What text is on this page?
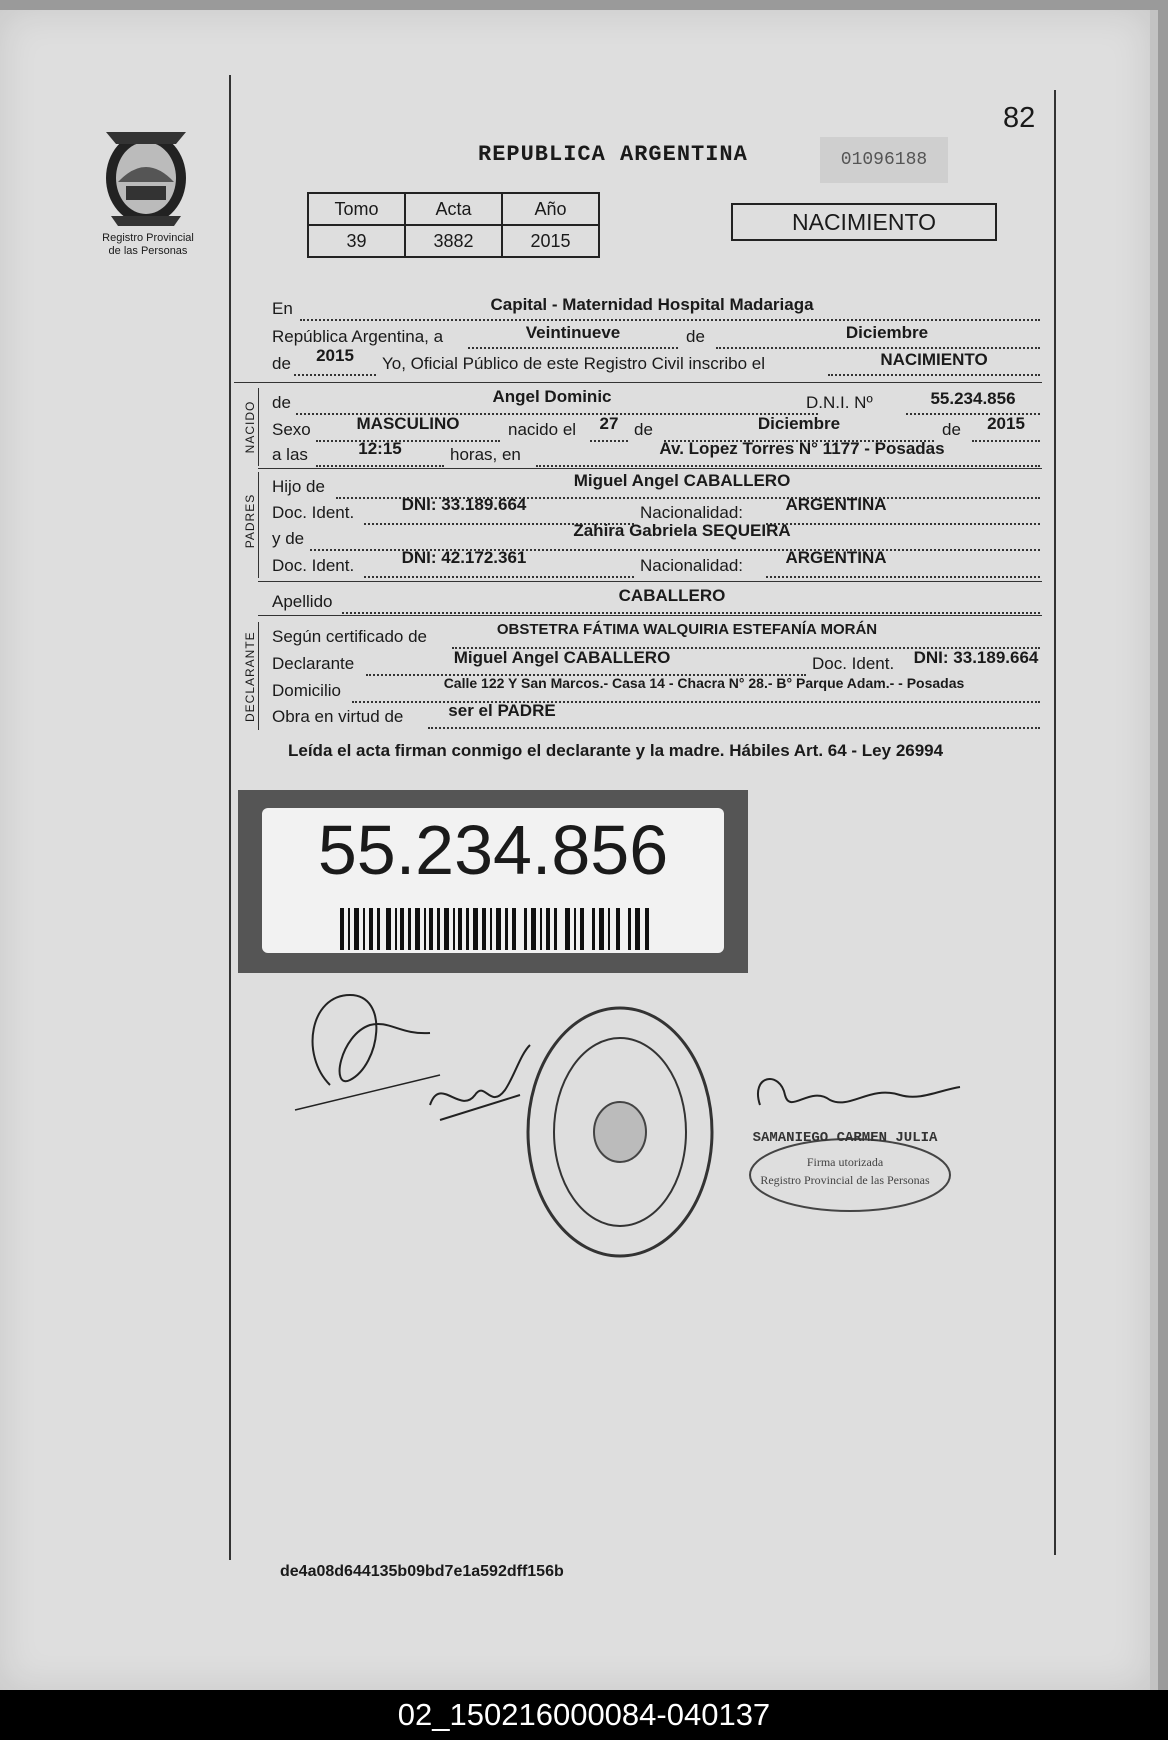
82
Registro Provincial
de las Personas
REPUBLICA ARGENTINA	01096188
Tomo	Acta	Año
39	3882	2015
NACIMIENTO
En	Capital - Maternidad Hospital Madariaga
República Argentina, a	Veintinueve	de	Diciembre
de	2015	Yo, Oficial Público de este Registro Civil inscribo el	NACIMIENTO
NACIDO de	Angel Dominic	D.N.I. Nº	55.234.856
Sexo	MASCULINO	nacido el	27 de	Diciembre	de	2015
a las	12:15	horas, en	Av. Lopez Torres N° 1177 - Posadas
PADRES
Hijo de	Miguel Angel CABALLERO
Doc. Ident.	DNI: 33.189.664	Nacionalidad:	ARGENTINA
y de	Zahira Gabriela SEQUEIRA
Doc. Ident.	DNI: 42.172.361	Nacionalidad:	ARGENTINA
Apellido	CABALLERO
DECLARANTE Según certificado de	OBSTETRA FÁTIMA WALQUIRIA ESTEFANÍA MORÁN
Declarante	Miguel Angel CABALLERO	Doc. Ident.	DNI: 33.189.664
Domicilio	Calle 122 Y San Marcos.- Casa 14 - Chacra N° 28.- B° Parque Adam.- - Posadas
Obra en virtud de	ser el PADRE
Leída el acta firman conmigo el declarante y la madre. Hábiles Art. 64 - Ley 26994
55.234.856
SAMANIEGO CARMEN JULIA
Firma utorizada
Registro Provincial de las Personas
de4a08d644135b09bd7e1a592dff156b
02_150216000084-040137
